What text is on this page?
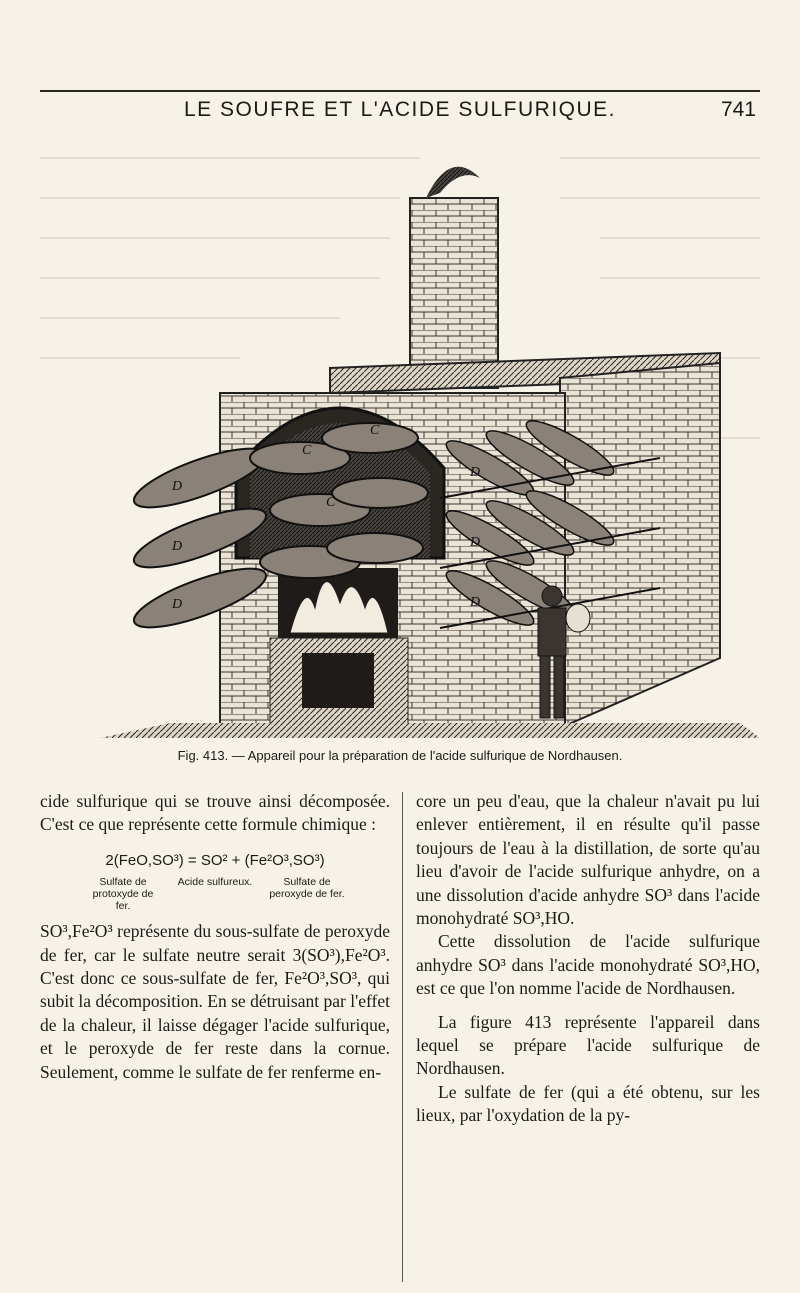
LE SOUFRE ET L'ACIDE SULFURIQUE.	741
C
C
C
D
D
D
D
D
D
Fig. 413. — Appareil pour la préparation de l'acide sulfurique de Nordhausen.

cide sulfurique qui se trouve ainsi décomposée. C'est ce que représente cette formule chimique :

2(FeO,SO³) = SO² + (Fe²O³,SO³)
Sulfate de protoxyde de fer.
Acide sulfureux.	Sulfate de peroxyde de fer.

SO³,Fe²O³ représente du sous-sulfate de peroxyde de fer, car le sulfate neutre serait 3(SO³),Fe²O³. C'est donc ce sous-sulfate de fer, Fe²O³,SO³, qui subit la décomposition. En se détruisant par l'effet de la chaleur, il laisse dégager l'acide sulfurique, et le peroxyde de fer reste dans la cornue. Seulement, comme le sulfate de fer renferme en-

core un peu d'eau, que la chaleur n'avait pu lui enlever entièrement, il en résulte qu'il passe toujours de l'eau à la distillation, de sorte qu'au lieu d'avoir de l'acide sulfurique anhydre, on a une dissolution d'acide anhydre SO³ dans l'acide monohydraté SO³,HO.

Cette dissolution de l'acide sulfurique anhydre SO³ dans l'acide monohydraté SO³,HO, est ce que l'on nomme l'acide de Nordhausen.

La figure 413 représente l'appareil dans lequel se prépare l'acide sulfurique de Nordhausen.

Le sulfate de fer (qui a été obtenu, sur les lieux, par l'oxydation de la py-
